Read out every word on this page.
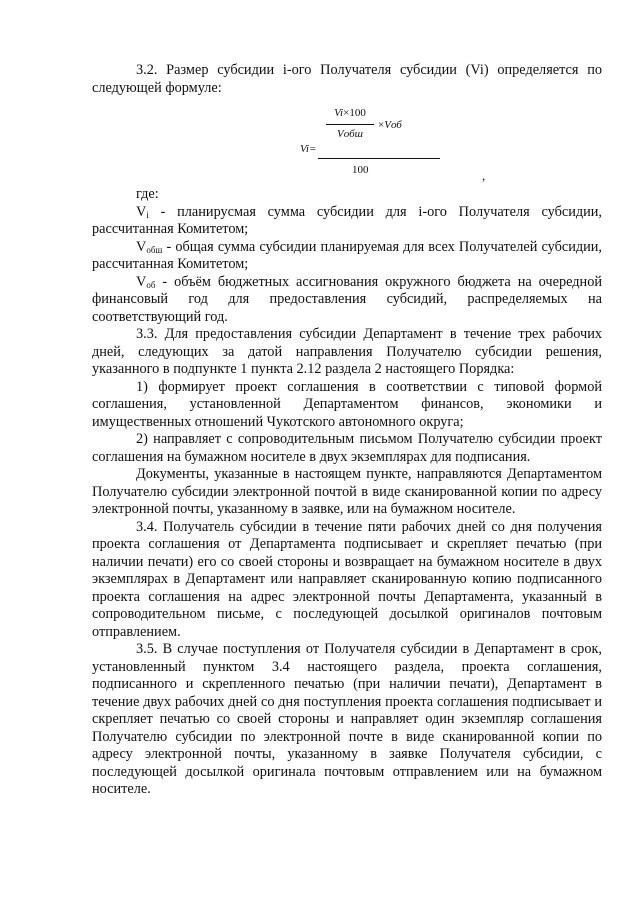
3.2. Размер субсидии i-ого Получателя субсидии (Vi) определяется по следующей формуле:

Vi×100
Vобш
×Vоб
Vi=
100	,

где:

$V_i$ - планирусмая сумма субсидии для i-ого Получателя субсидии, рассчитанная Комитетом;

$V_{обш}$ - общая сумма субсидии планируемая для всех Получателей субсидии, рассчитанная Комитетом;

$V_{об}$ - объём бюджетных ассигнования окружного бюджета на очередной финансовый год для предоставления субсидий, распределяемых на соответствующий год.

3.3. Для предоставления субсидии Департамент в течение трех рабочих дней, следующих за датой направления Получателю субсидии решения, указанного в подпункте 1 пункта 2.12 раздела 2 настоящего Порядка:

1) формирует проект соглашения в соответствии с типовой формой соглашения, установленной Департаментом финансов, экономики и имущественных отношений Чукотского автономного округа;

2) направляет с сопроводительным письмом Получателю субсидии проект соглашения на бумажном носителе в двух экземплярах для подписания.

Документы, указанные в настоящем пункте, направляются Департаментом Получателю субсидии электронной почтой в виде сканированной копии по адресу электронной почты, указанному в заявке, или на бумажном носителе.

3.4. Получатель субсидии в течение пяти рабочих дней со дня получения проекта соглашения от Департамента подписывает и скрепляет печатью (при наличии печати) его со своей стороны и возвращает на бумажном носителе в двух экземплярах в Департамент или направляет сканированную копию подписанного проекта соглашения на адрес электронной почты Департамента, указанный в сопроводительном письме, с последующей досылкой оригиналов почтовым отправлением.

3.5. В случае поступления от Получателя субсидии в Департамент в срок, установленный пунктом 3.4 настоящего раздела, проекта соглашения, подписанного и скрепленного печатью (при наличии печати), Департамент в течение двух рабочих дней со дня поступления проекта соглашения подписывает и скрепляет печатью со своей стороны и направляет один экземпляр соглашения Получателю субсидии по электронной почте в виде сканированной копии по адресу электронной почты, указанному в заявке Получателя субсидии, с последующей досылкой оригинала почтовым отправлением или на бумажном носителе.
